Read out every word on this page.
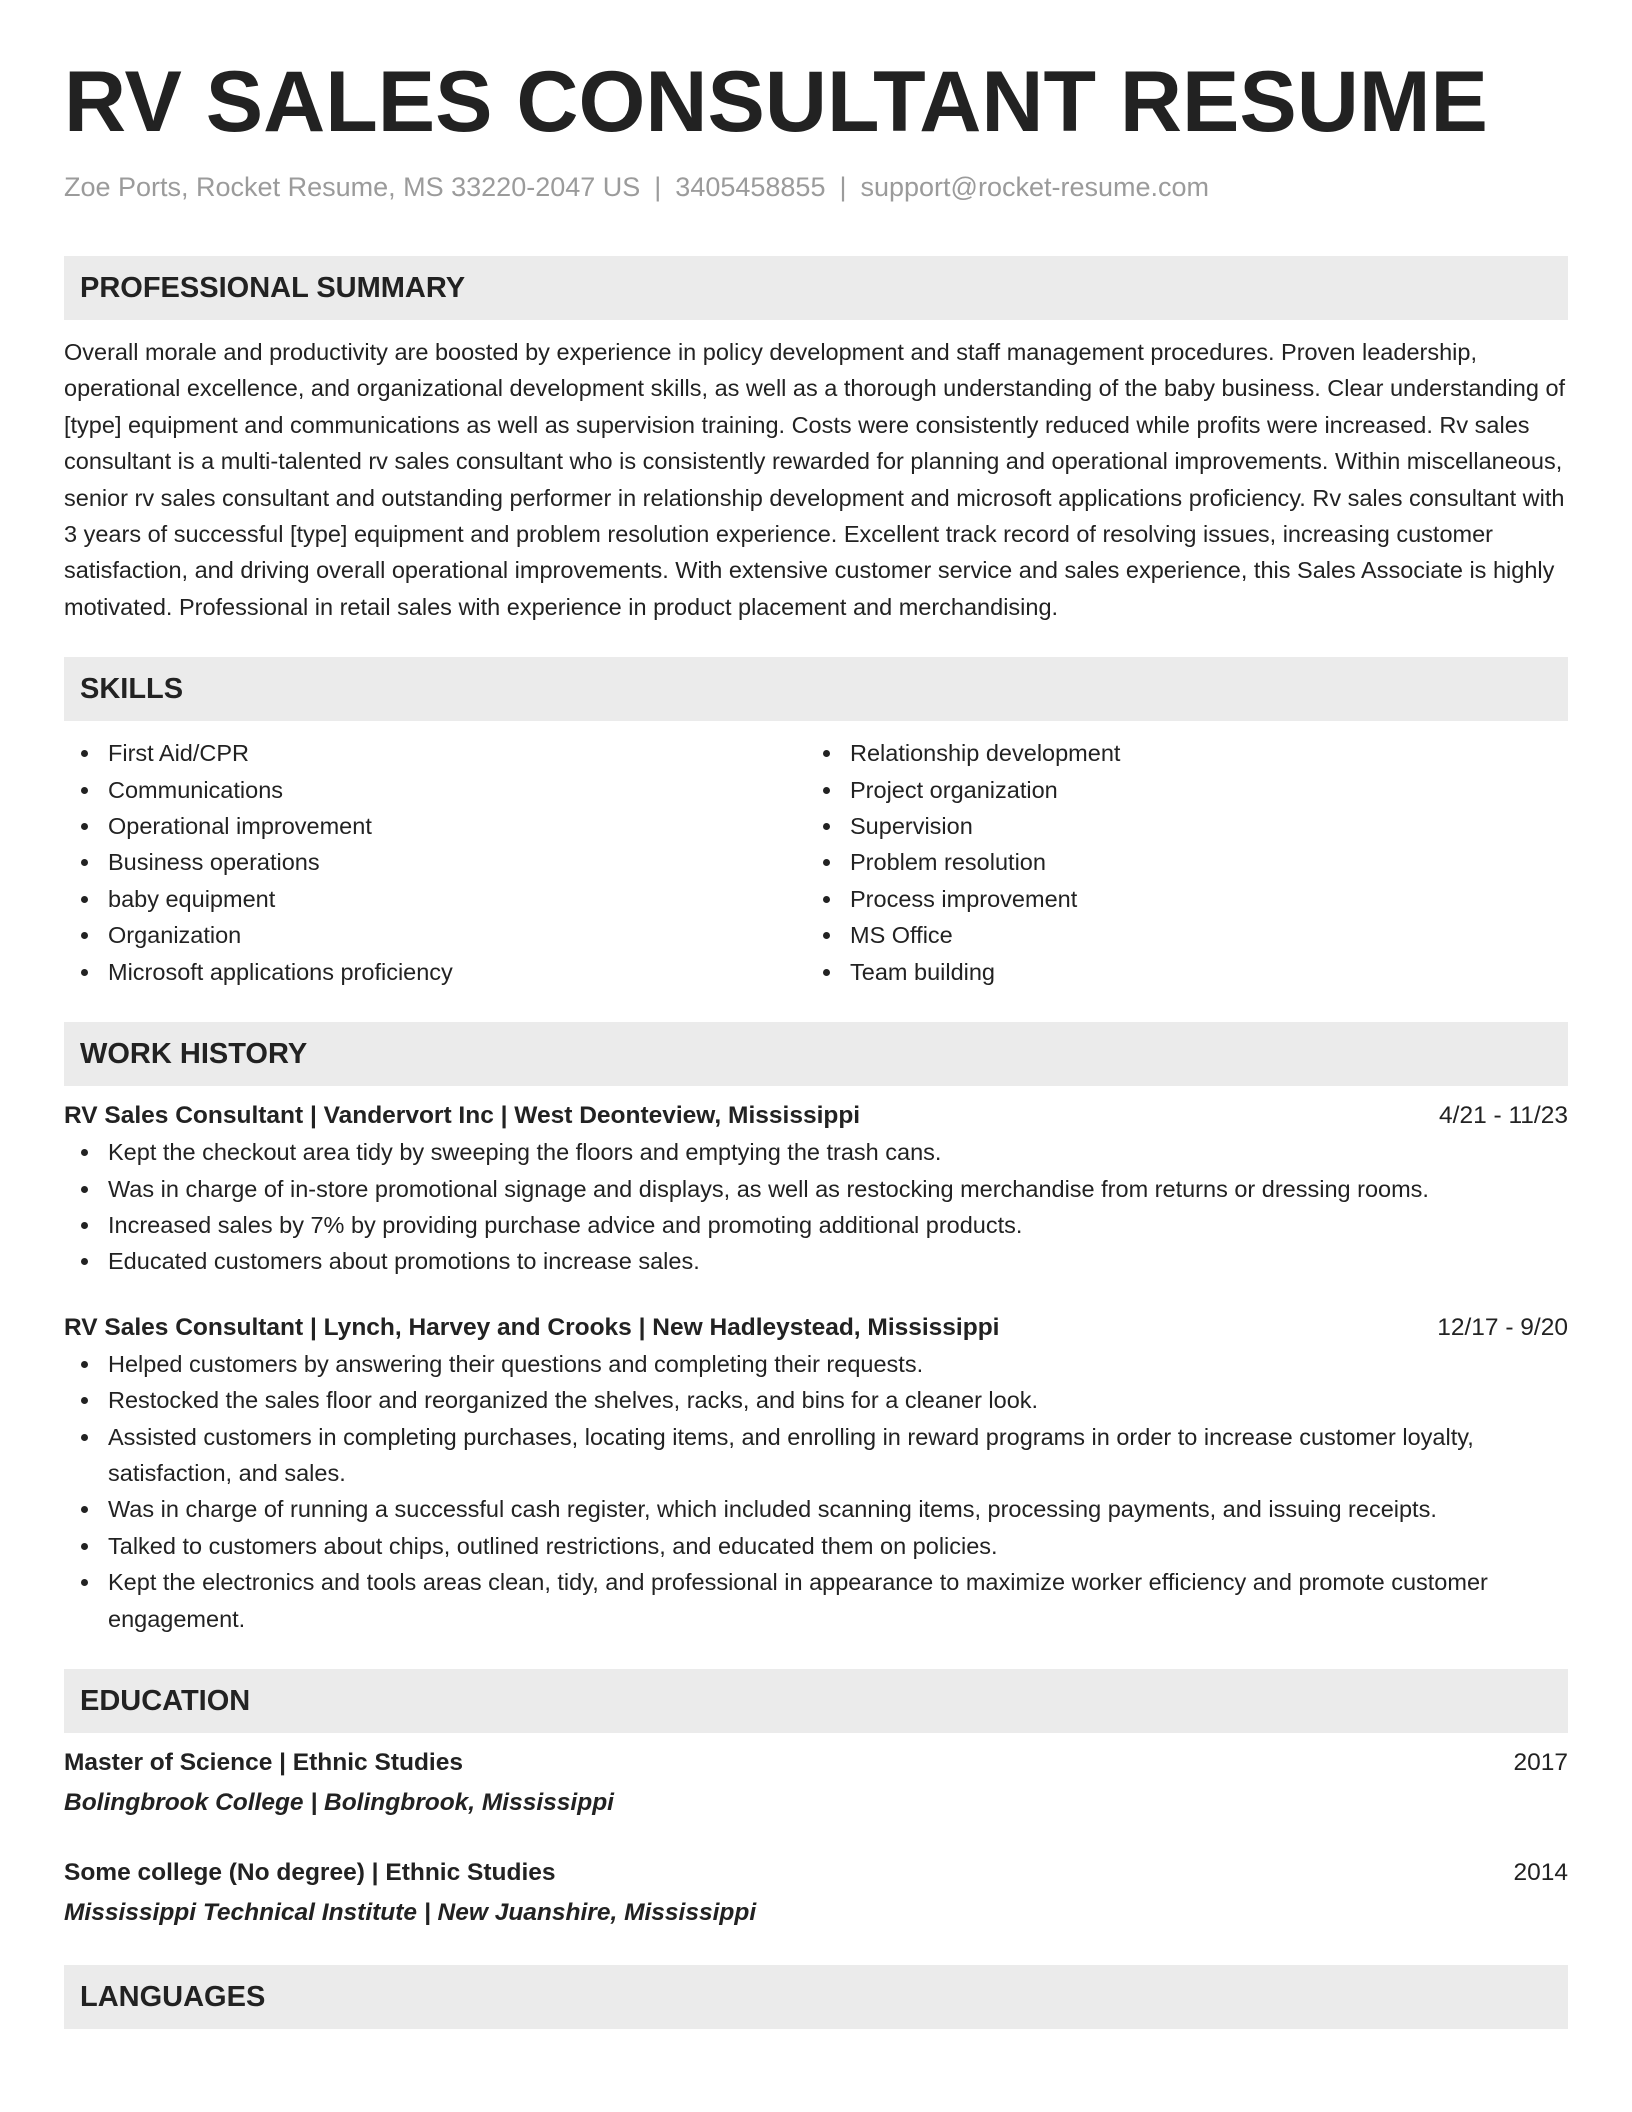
RV SALES CONSULTANT RESUME
Zoe Ports, Rocket Resume, MS 33220-2047 US | 3405458855 | support@rocket-resume.com
PROFESSIONAL SUMMARY
Overall morale and productivity are boosted by experience in policy development and staff management procedures. Proven leadership, operational excellence, and organizational development skills, as well as a thorough understanding of the baby business. Clear understanding of [type] equipment and communications as well as supervision training. Costs were consistently reduced while profits were increased. Rv sales consultant is a multi-talented rv sales consultant who is consistently rewarded for planning and operational improvements. Within miscellaneous, senior rv sales consultant and outstanding performer in relationship development and microsoft applications proficiency. Rv sales consultant with 3 years of successful [type] equipment and problem resolution experience. Excellent track record of resolving issues, increasing customer satisfaction, and driving overall operational improvements. With extensive customer service and sales experience, this Sales Associate is highly motivated. Professional in retail sales with experience in product placement and merchandising.
SKILLS
First Aid/CPR
Communications
Operational improvement
Business operations
baby equipment
Organization
Microsoft applications proficiency
Relationship development
Project organization
Supervision
Problem resolution
Process improvement
MS Office
Team building
WORK HISTORY
RV Sales Consultant | Vandervort Inc | West Deonteview, Mississippi	4/21 - 11/23
Kept the checkout area tidy by sweeping the floors and emptying the trash cans.
Was in charge of in-store promotional signage and displays, as well as restocking merchandise from returns or dressing rooms.
Increased sales by 7% by providing purchase advice and promoting additional products.
Educated customers about promotions to increase sales.
RV Sales Consultant | Lynch, Harvey and Crooks | New Hadleystead, Mississippi	12/17 - 9/20
Helped customers by answering their questions and completing their requests.
Restocked the sales floor and reorganized the shelves, racks, and bins for a cleaner look.
Assisted customers in completing purchases, locating items, and enrolling in reward programs in order to increase customer loyalty, satisfaction, and sales.
Was in charge of running a successful cash register, which included scanning items, processing payments, and issuing receipts.
Talked to customers about chips, outlined restrictions, and educated them on policies.
Kept the electronics and tools areas clean, tidy, and professional in appearance to maximize worker efficiency and promote customer engagement.
EDUCATION
Master of Science | Ethnic Studies	2017
Bolingbrook College | Bolingbrook, Mississippi
Some college (No degree) | Ethnic Studies	2014
Mississippi Technical Institute | New Juanshire, Mississippi
LANGUAGES
